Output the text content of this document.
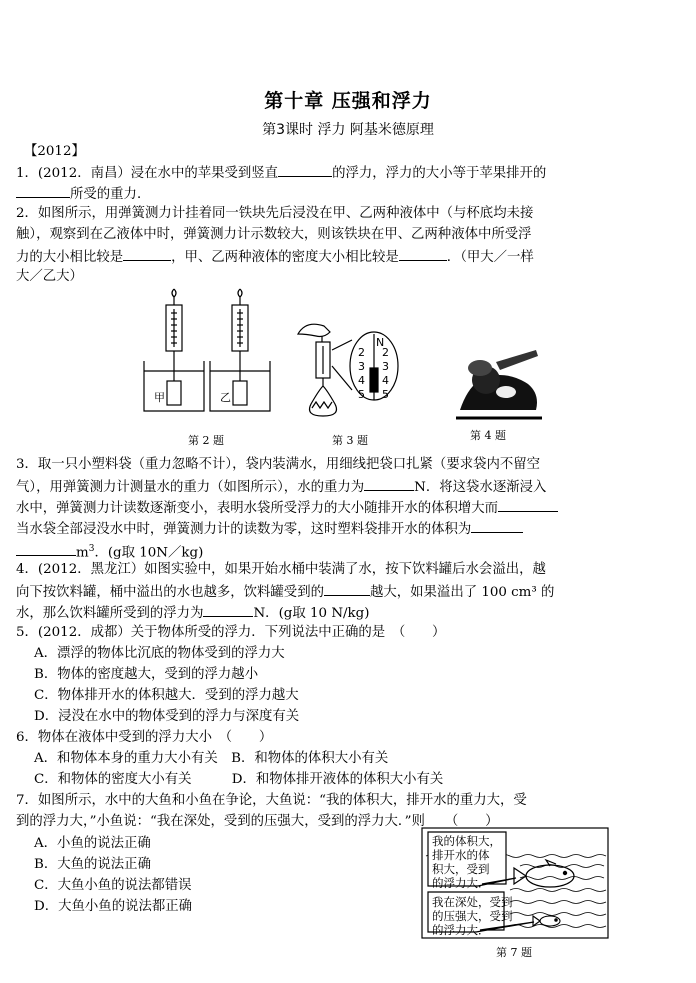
第十章 压强和浮力
第3课时 浮力 阿基米德原理
【2012】
1．(2012．南昌）浸在水中的苹果受到竖直	的浮力，浮力的大小等于苹果排开的
所受的重力．
2．如图所示，用弹簧测力计挂着同一铁块先后浸没在甲、乙两种液体中（与杯底均未接
触），观察到在乙液体中时，弹簧测力计示数较大，则该铁块在甲、乙两种液体中所受浮
力的大小相比较是	，甲、乙两种液体的密度大小相比较是	．（甲大／一样
大／乙大）
甲	乙
第 2 题
N
2
3
4
5
2
3
4
5
第 3 题	第 4 题
3．取一只小塑料袋（重力忽略不计），袋内装满水，用细线把袋口扎紧（要求袋内不留空
气），用弹簧测力计测量水的重力（如图所示），水的重力为	N．将这袋水逐渐浸入
水中，弹簧测力计读数逐渐变小，表明水袋所受浮力的大小随排开水的体积增大而
当水袋全部浸没水中时，弹簧测力计的读数为零，这时塑料袋排开水的体积为
$m^3$．(g取 10N／kg)
4．(2012．黑龙江）如图实验中，如果开始水桶中装满了水，按下饮料罐后水会溢出，越
向下按饮料罐，桶中溢出的水也越多，饮料罐受到的	越大，如果溢出了 100 cm³ 的
水，那么饮料罐所受到的浮力为	N．(g取 10 N/kg)
5．(2012．成都）关于物体所受的浮力．下列说法中正确的是　（　　）
A．漂浮的物体比沉底的物体受到的浮力大
B．物体的密度越大，受到的浮力越小
C．物体排开水的体积越大．受到的浮力越大
D．浸没在水中的物体受到的浮力与深度有关
6．物体在液体中受到的浮力大小　（　　）
A．和物体本身的重力大小有关　B．和物体的体积大小有关
C．和物体的密度大小有关　　　D．和物体排开液体的体积大小有关
7．如图所示，水中的大鱼和小鱼在争论，大鱼说：“我的体积大，排开水的重力大，受
到的浮力大，”小鱼说：“我在深处，受到的压强大，受到的浮力大．”则　　（　　）
A．小鱼的说法正确
B．大鱼的说法正确
C．大鱼小鱼的说法都错误
D．大鱼小鱼的说法都正确
我的体积大，
排开水的体
积大，受到
的浮力大．
我在深处，受到
的压强大，受到
的浮力大．
第 7 题
